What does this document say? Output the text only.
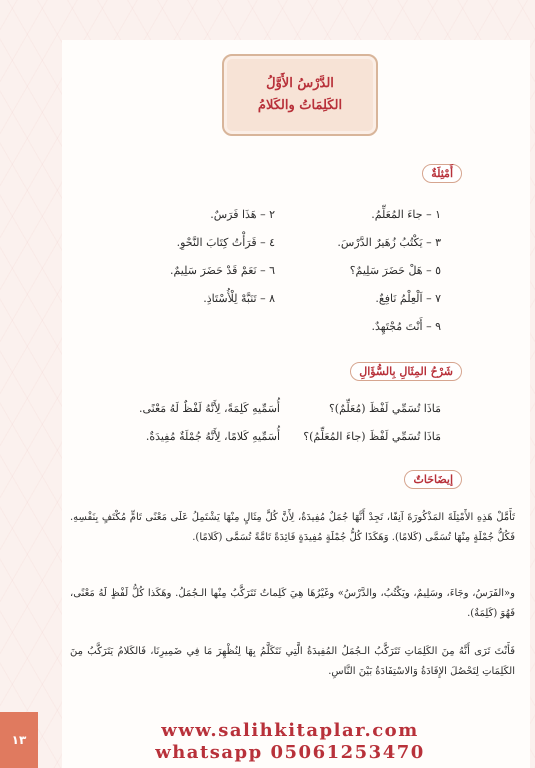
الدَّرْسُ الأَوَّلُ
الكَلِمَاتُ والكَلامُ
أَمْثِلَةٌ
١ – جاءَ المُعَلِّمُ.
٢ – هَذَا فَرَسٌ.
٣ – يَكْتُبُ زُهَيرٌ الدَّرْسَ.
٤ – قَرَأْتُ كِتَابَ النَّحْوِ.
٥ – هَلْ حَضَرَ سَلِيمٌ؟
٦ – نَعَمْ قَدْ حَضَرَ سَلِيمٌ.
٧ – اَلْعِلْمُ نَافِعٌ.
٨ – تَنَبَّهْ لِلْأُسْتَاذِ.
٩ – أَنْتَ مُجْتَهِدٌ.
شَرْحُ المِثَالِ بِالسُّؤَالِ
مَاذَا تُسَمِّي لَفْظَ (مُعَلِّمٌ)؟
أُسَمِّيهِ كَلِمَةً، لِأَنَّهُ لَفْظٌ لَهُ مَعْنًى.
مَاذَا تُسَمِّي لَفْظَ (جاءَ المُعَلِّمُ)؟
أُسَمِّيهِ كَلامًا، لِأَنَّهُ جُمْلَةٌ مُفِيدَةٌ.
إيضَاحَاتٌ
تَأَمَّلْ هَذِهِ الأَمْثِلَةَ المَذْكُورَةَ آنِفًا، تَجِدْ أَنَّهَا جُمَلٌ مُفِيدَةٌ، لِأَنَّ كُلَّ مِثَالٍ مِنْهَا يَشْتَمِلُ عَلَى مَعْنًى تَامٍّ مُكْتَفٍ بِنَفْسِهِ. فَكُلُّ جُمْلَةٍ مِنْهَا تُسَمَّى (كَلامًا). وَهَكَذَا كُلُّ جُمْلَةٍ مُفِيدَةٍ فَائِدَةً تَامَّةً تُسَمَّى (كَلامًا).
و«الفَرَسُ، وجَاءَ، وسَلِيمٌ، ويَكْتُبُ، والدَّرْسُ» وغَيْرُهَا هِيَ كَلِماتٌ تَتَرَكَّبُ مِنْها الـجُمَلُ. وهَكَذا كُلُّ لَفْظٍ لَهُ مَعْنًى، فَهُوَ (كَلِمَةٌ).
فَأَنْتَ تَرَى أَنَّهُ مِنَ الكَلِمَاتِ تَتَرَكَّبُ الـجُمَلُ المُفِيدَةُ الَّتِي نَتَكَلَّمُ بِهَا لِنُظْهِرَ مَا فِي ضَمِيرِنَا، فَالكَلامُ يَتَرَكَّبُ مِنَ الكَلِمَاتِ لِتَحْصُلَ الإِفَادَةُ وَالاسْتِفَادَةُ بَيْنَ النَّاسِ.
www.salihkitaplar.com
whatsapp 05061253470
١٣
